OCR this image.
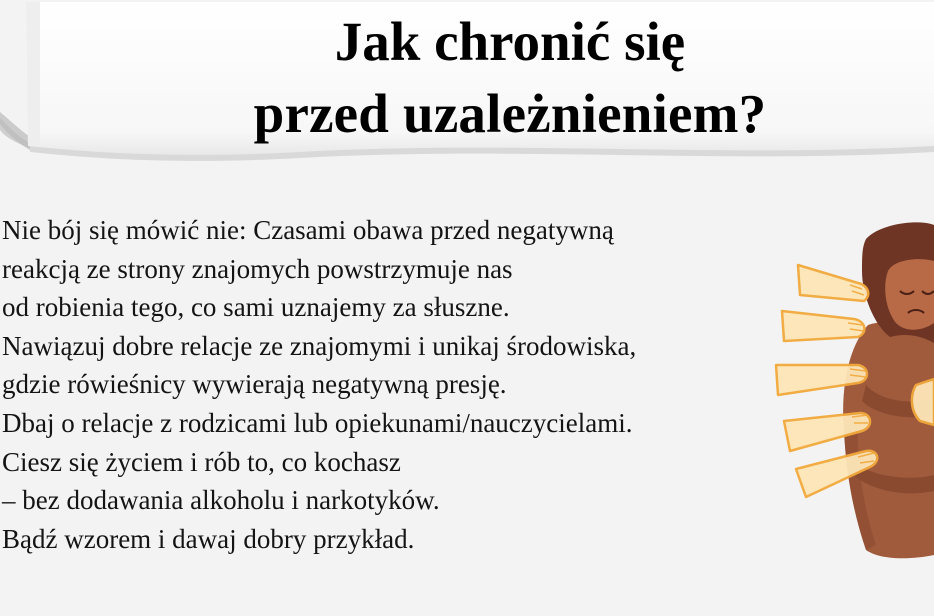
Jak chronić się
przed uzależnieniem?

Nie bój się mówić nie: Czasami obawa przed negatywną

reakcją ze strony znajomych powstrzymuje nas

od robienia tego, co sami uznajemy za słuszne.

Nawiązuj dobre relacje ze znajomymi i unikaj środowiska,

gdzie rówieśnicy wywierają negatywną presję.

Dbaj o relacje z rodzicami lub opiekunami/nauczycielami.

Ciesz się życiem i rób to, co kochasz

– bez dodawania alkoholu i narkotyków.

Bądź wzorem i dawaj dobry przykład.
